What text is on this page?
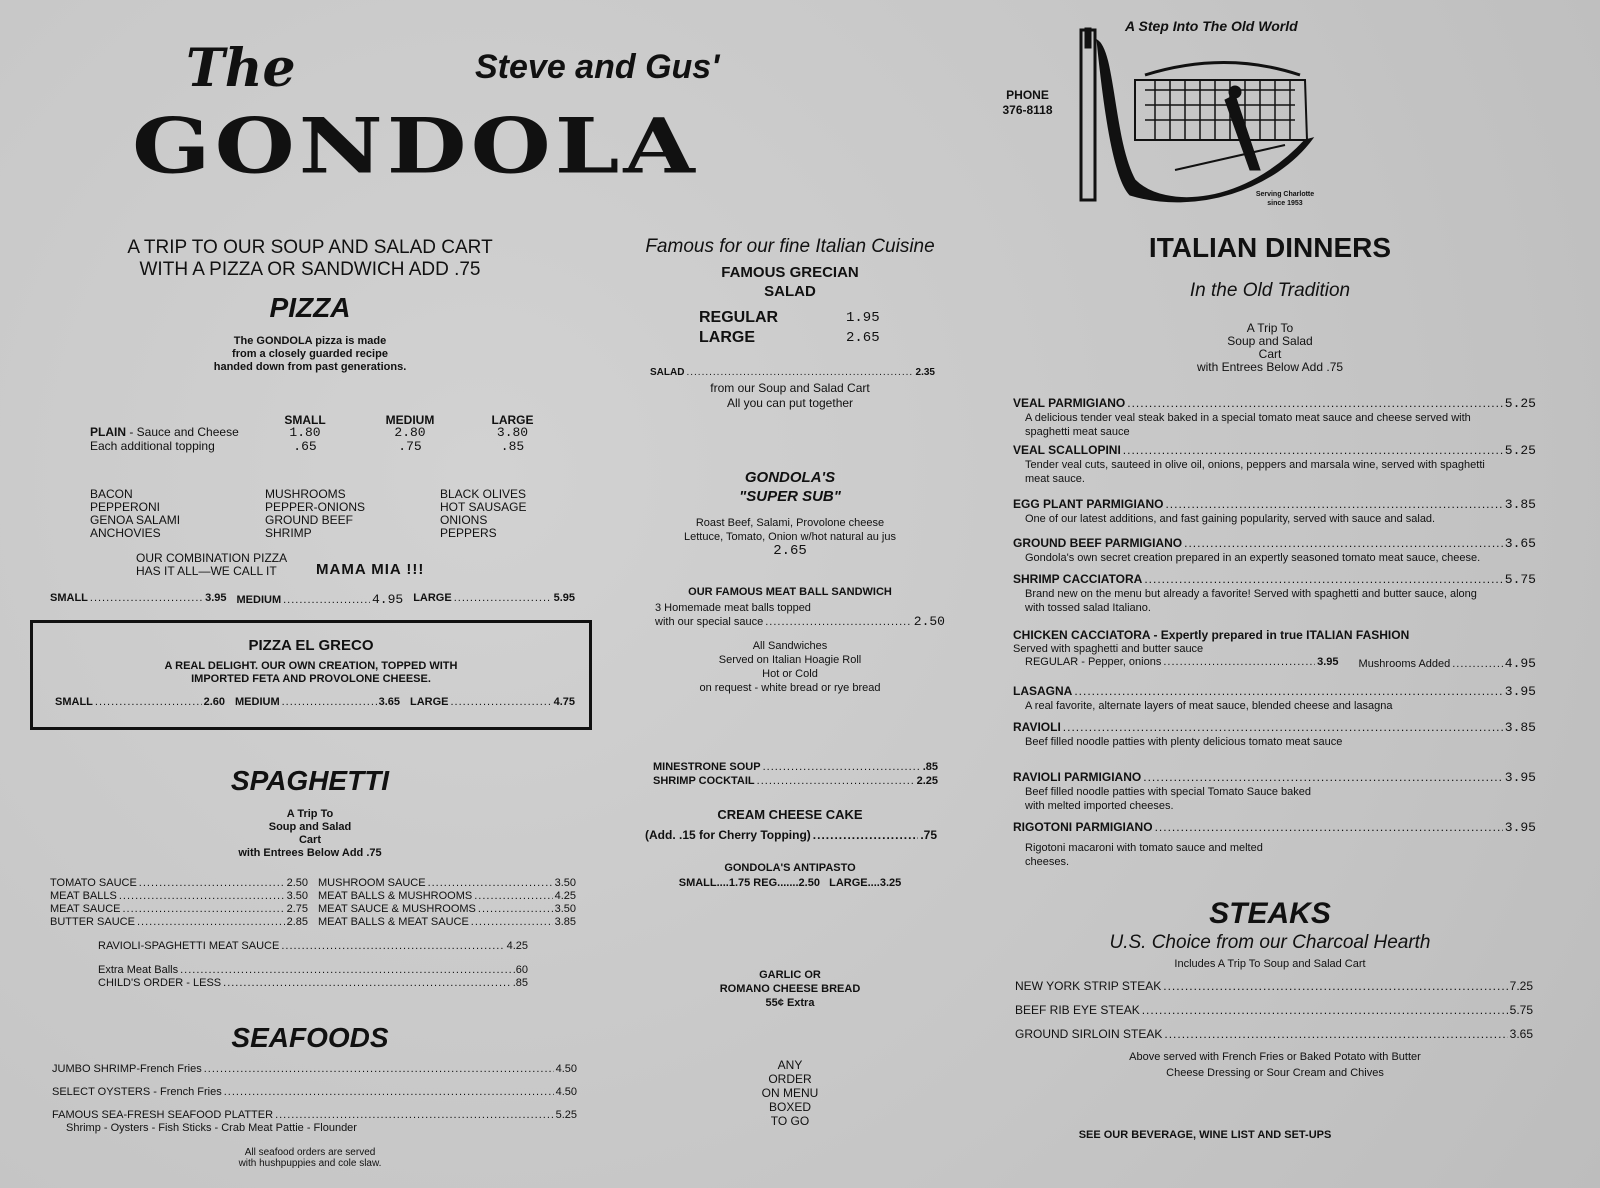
The	Steve and Gus'
GONDOLA
PHONE
376-8118
A Step Into The Old World
Serving Charlotte
since 1953
A TRIP TO OUR SOUP AND SALAD CART
WITH A PIZZA OR SANDWICH ADD .75
PIZZA
The GONDOLA pizza is made
from a closely guarded recipe
handed down from past generations.
SMALL	MEDIUM	LARGE
PLAIN - Sauce and Cheese	1.80	2.80	3.80
Each additional topping	.65	.75	.85
BACON	MUSHROOMS	BLACK OLIVES
PEPPERONI	PEPPER-ONIONS	HOT SAUSAGE
GENOA SALAMI	GROUND BEEF	ONIONS
ANCHOVIES	SHRIMP	PEPPERS
OUR COMBINATION PIZZA
HAS IT ALL—WE CALL IT	MAMA MIA !!!
SMALL .....	3.95 MEDIUM .....	4.95 LARGE .....	5.95
PIZZA EL GRECO
A REAL DELIGHT. OUR OWN CREATION, TOPPED WITH
IMPORTED FETA AND PROVOLONE CHEESE.
SMALL .....	2.60 MEDIUM .....	3.65 LARGE .....	4.75
SPAGHETTI
A Trip To
Soup and Salad
Cart
with Entrees Below Add .75
TOMATO SAUCE .....	2.50
MEAT BALLS .....	3.50
MEAT SAUCE .....	2.75
BUTTER SAUCE .....	2.85
MUSHROOM SAUCE .....	3.50
MEAT BALLS & MUSHROOMS .....	4.25
MEAT SAUCE & MUSHROOMS .....	3.50
MEAT BALLS & MEAT SAUCE .....	3.85
RAVIOLI-SPAGHETTI MEAT SAUCE .....	4.25
Extra Meat Balls .....	.60
CHILD'S ORDER - LESS .....	.85
SEAFOODS
JUMBO SHRIMP-French Fries .....	4.50
SELECT OYSTERS - French Fries .....	4.50
FAMOUS SEA-FRESH SEAFOOD PLATTER .....	5.25
Shrimp - Oysters - Fish Sticks - Crab Meat Pattie - Flounder
All seafood orders are served
with hushpuppies and cole slaw.
Famous for our fine Italian Cuisine
FAMOUS GRECIAN
SALAD
REGULAR	1.95
LARGE	2.65
SALAD .....	2.35
from our Soup and Salad Cart
All you can put together
GONDOLA'S
"SUPER SUB"
Roast Beef, Salami, Provolone cheese
Lettuce, Tomato, Onion w/hot natural au jus
2.65
OUR FAMOUS MEAT BALL SANDWICH
3 Homemade meat balls topped
with our special sauce .....	2.50
All Sandwiches
Served on Italian Hoagie Roll
Hot or Cold
on request - white bread or rye bread
MINESTRONE SOUP .....	.85
SHRIMP COCKTAIL .....	2.25
CREAM CHEESE CAKE
(Add. .15 for Cherry Topping) .....	.75
GONDOLA'S ANTIPASTO
SMALL....1.75 REG.......2.50   LARGE....3.25
GARLIC OR
ROMANO CHEESE BREAD
55¢ Extra
ANY
ORDER
ON MENU
BOXED
TO GO
ITALIAN DINNERS
In the Old Tradition
A Trip To
Soup and Salad
Cart
with Entrees Below Add .75
VEAL PARMIGIANO .....	5.25
A delicious tender veal steak baked in a special tomato meat sauce and cheese served with spaghetti meat sauce
VEAL SCALLOPINI .....	5.25
Tender veal cuts, sauteed in olive oil, onions, peppers and marsala wine, served with spaghetti meat sauce.
EGG PLANT PARMIGIANO .....	3.85
One of our latest additions, and fast gaining popularity, served with sauce and salad.
GROUND BEEF PARMIGIANO .....	3.65
Gondola's own secret creation prepared in an expertly seasoned tomato meat sauce, cheese.
SHRIMP CACCIATORA .....	5.75
Brand new on the menu but already a favorite! Served with spaghetti and butter sauce, along with tossed salad Italiano.
CHICKEN CACCIATORA - Expertly prepared in true ITALIAN FASHION
Served with spaghetti and butter sauce
REGULAR - Pepper, onions .....	3.95 Mushrooms Added .....	4.95
LASAGNA .....	3.95
A real favorite, alternate layers of meat sauce, blended cheese and lasagna
RAVIOLI .....	3.85
Beef filled noodle patties with plenty delicious tomato meat sauce
RAVIOLI PARMIGIANO .....	3.95
Beef filled noodle patties with special Tomato Sauce baked with melted imported cheeses.
RIGOTONI PARMIGIANO .....	3.95
Rigotoni macaroni with tomato sauce and melted cheeses.
STEAKS
U.S. Choice from our Charcoal Hearth
Includes A Trip To Soup and Salad Cart
NEW YORK STRIP STEAK .....	7.25
BEEF RIB EYE STEAK .....	5.75
GROUND SIRLOIN STEAK .....	3.65
Above served with French Fries or Baked Potato with Butter
Cheese Dressing or Sour Cream and Chives
SEE OUR BEVERAGE, WINE LIST AND SET-UPS
